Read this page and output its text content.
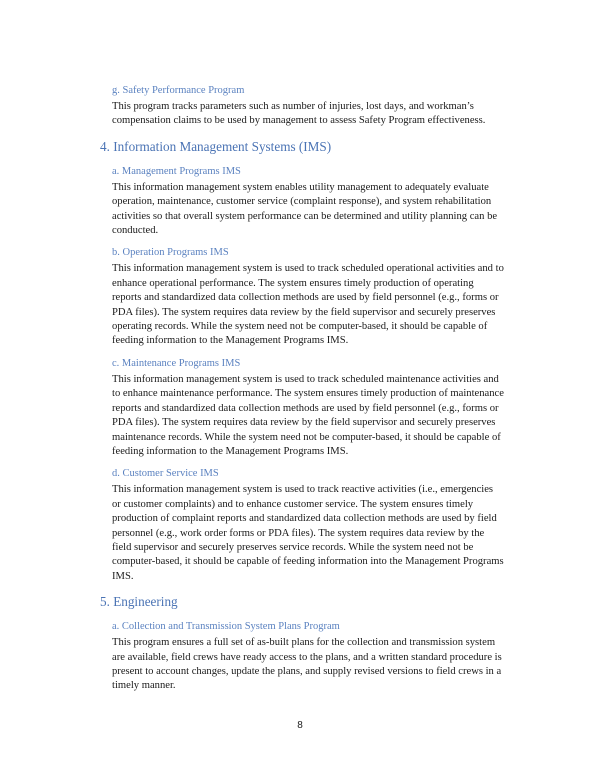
g. Safety Performance Program

This program tracks parameters such as number of injuries, lost days, and workman’s compensation claims to be used by management to assess Safety Program effectiveness.

4. Information Management Systems (IMS)
a. Management Programs IMS

This information management system enables utility management to adequately evaluate operation, maintenance, customer service (complaint response), and system rehabilitation activities so that overall system performance can be determined and utility planning can be conducted.

b. Operation Programs IMS

This information management system is used to track scheduled operational activities and to enhance operational performance. The system ensures timely production of operating reports and standardized data collection methods are used by field personnel (e.g., forms or PDA files). The system requires data review by the field supervisor and securely preserves operating records. While the system need not be computer-based, it should be capable of feeding information to the Management Programs IMS.

c. Maintenance Programs IMS

This information management system is used to track scheduled maintenance activities and to enhance maintenance performance. The system ensures timely production of maintenance reports and standardized data collection methods are used by field personnel (e.g., forms or PDA files). The system requires data review by the field supervisor and securely preserves maintenance records. While the system need not be computer-based, it should be capable of feeding information to the Management Programs IMS.

d. Customer Service IMS

This information management system is used to track reactive activities (i.e., emergencies or customer complaints) and to enhance customer service. The system ensures timely production of complaint reports and standardized data collection methods are used by field personnel (e.g., work order forms or PDA files). The system requires data review by the field supervisor and securely preserves service records. While the system need not be computer-based, it should be capable of feeding information into the Management Programs IMS.

5. Engineering
a. Collection and Transmission System Plans Program

This program ensures a full set of as-built plans for the collection and transmission system are available, field crews have ready access to the plans, and a written standard procedure is present to account changes, update the plans, and supply revised versions to field crews in a timely manner.

8
